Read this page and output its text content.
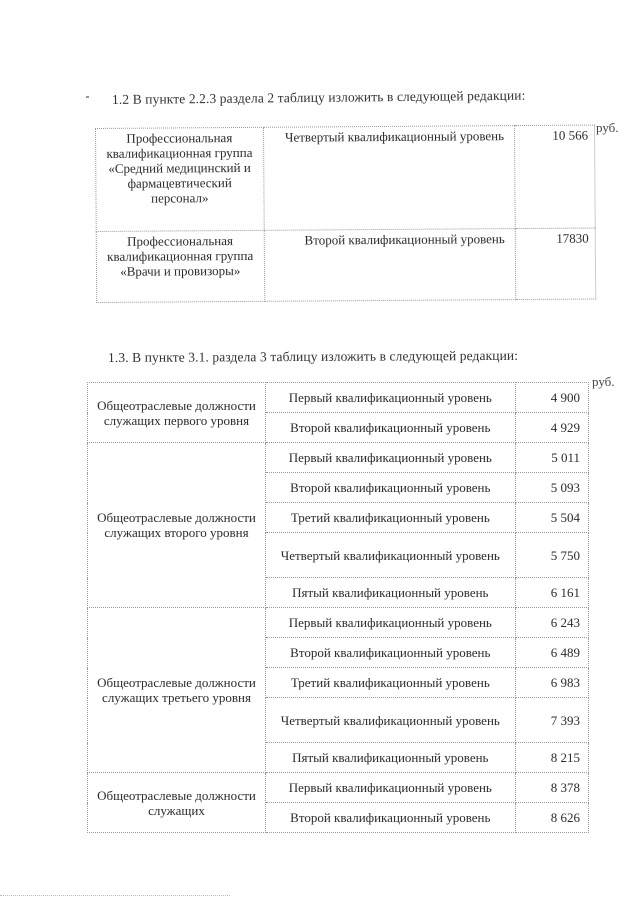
1.2 В пункте 2.2.3 раздела 2 таблицу изложить в следующей редакции:
руб.
Профессиональная квалификационная группа «Средний медицинский и фармацевтический персонал»	Четвертый квалификационный уровень	10 566
Профессиональная квалификационная группа «Врачи и провизоры»	Второй квалификационный уровень	17830
1.3. В пункте 3.1. раздела 3 таблицу изложить в следующей редакции:
руб.
Общеотраслевые должности служащих первого уровня	Первый квалификационный уровень	4 900
	Второй квалификационный уровень	4 929
Общеотраслевые должности служащих второго уровня	Первый квалификационный уровень	5 011
	Второй квалификационный уровень	5 093
	Третий квалификационный уровень	5 504
	Четвертый квалификационный уровень	5 750
	Пятый квалификационный уровень	6 161
Общеотраслевые должности служащих третьего уровня	Первый квалификационный уровень	6 243
	Второй квалификационный уровень	6 489
	Третий квалификационный уровень	6 983
	Четвертый квалификационный уровень	7 393
	Пятый квалификационный уровень	8 215
Общеотраслевые должности служащих	Первый квалификационный уровень	8 378
	Второй квалификационный уровень	8 626
